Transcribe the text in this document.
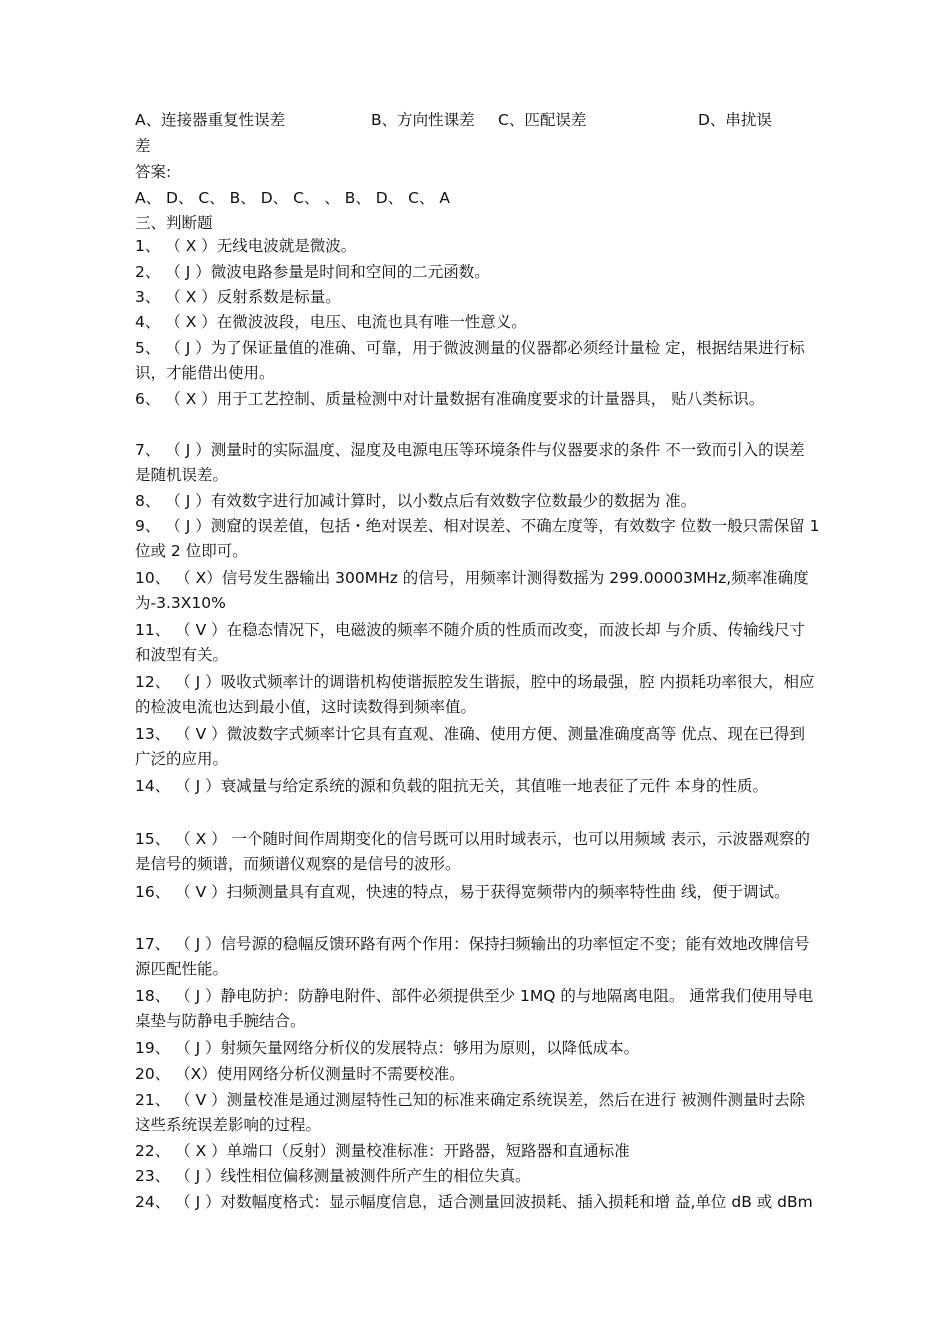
A、连接器重复性误差	B、方向性课差 C、匹配误差	D、串扰误
差
答案:
A、 D、 C、 B、 D、 C、 、 B、 D、 C、 A
三、判断题
1、 （ X ）无线电波就是微波。
2、 （ J ）微波电路参量是时间和空间的二元函数。
3、 （ X ）反射系数是标量。
4、 （ X ）在微波波段，电压、电流也具有唯一性意义。
5、 （ J ）为了保证量值的准确、可靠，用于微波测量的仪器都必须经计量检 定，根据结果进行标识，才能借出使用。
6、 （ X ）用于工艺控制、质量检测中对计量数据有准确度要求的计量器具， 贴八类标识。
7、 （ J ）测量时的实际温度、湿度及电源电压等环境条件与仪器要求的条件 不一致而引入的误差是随机误差。
8、 （ J ）有效数字进行加减计算时，以小数点后有效数字位数最少的数据为 准。
9、 （ J ）测窟的误差值，包括・绝对误差、相对误差、不确左度等，有效数字 位数一般只需保留 1 位或 2 位即可。
10、 （ X）信号发生器输出 300MHz 的信号，用频率计测得数摇为 299.00003MHz,频率准确度为-3.3X10%
11、 （ V ）在稳态情况下，电磁波的频率不随介质的性质而改变，而波长却 与介质、传输线尺寸和波型有关。
12、 （ J ）吸收式频率计的调谐机构使谐振腔发生谐振，腔中的场最强，腔 内损耗功率很大，相应的检波电流也达到最小值，这时读数得到频率值。
13、 （ V ）微波数字式频率计它具有直观、准确、使用方便、测量准确度髙等 优点、现在已得到广泛的应用。
14、 （ J ）衰减量与给定系统的源和负载的阻抗无关，其值唯一地表征了元件 本身的性质。
15、 （ X ） 一个随时间作周期变化的信号既可以用时域表示，也可以用频域 表示，示波器观察的是信号的频谱，而频谱仪观察的是信号的波形。
16、 （ V ）扫频测量具有直观，快速的特点，易于获得宽频带内的频率特性曲 线，便于调试。
17、 （ J ）信号源的稳幅反馈环路有两个作用：保持扫频输出的功率恒定不变；能有效地改牌信号源匹配性能。
18、 （ J ）静电防护：防静电附件、部件必须提供至少 1MQ 的与地隔离电阻。 通常我们使用导电桌垫与防静电手腕结合。
19、 （ J ）射频矢量网络分析仪的发展特点：够用为原则，以降低成本。
20、 （X）使用网络分析仪测量时不需要校准。
21、 （ V ）测量校准是通过测屋特性己知的标准来确定系统误差，然后在进行 被测件测量时去除这些系统误差影响的过程。
22、 （ X ）单端口（反射）测量校准标准：开路器，短路器和直通标准
23、 （ J ）线性相位偏移测量被测件所产生的相位失真。
24、 （ J ）对数幅度格式：显示幅度信息，适合测量回波损耗、插入损耗和增 益,单位 dB 或 dBm
